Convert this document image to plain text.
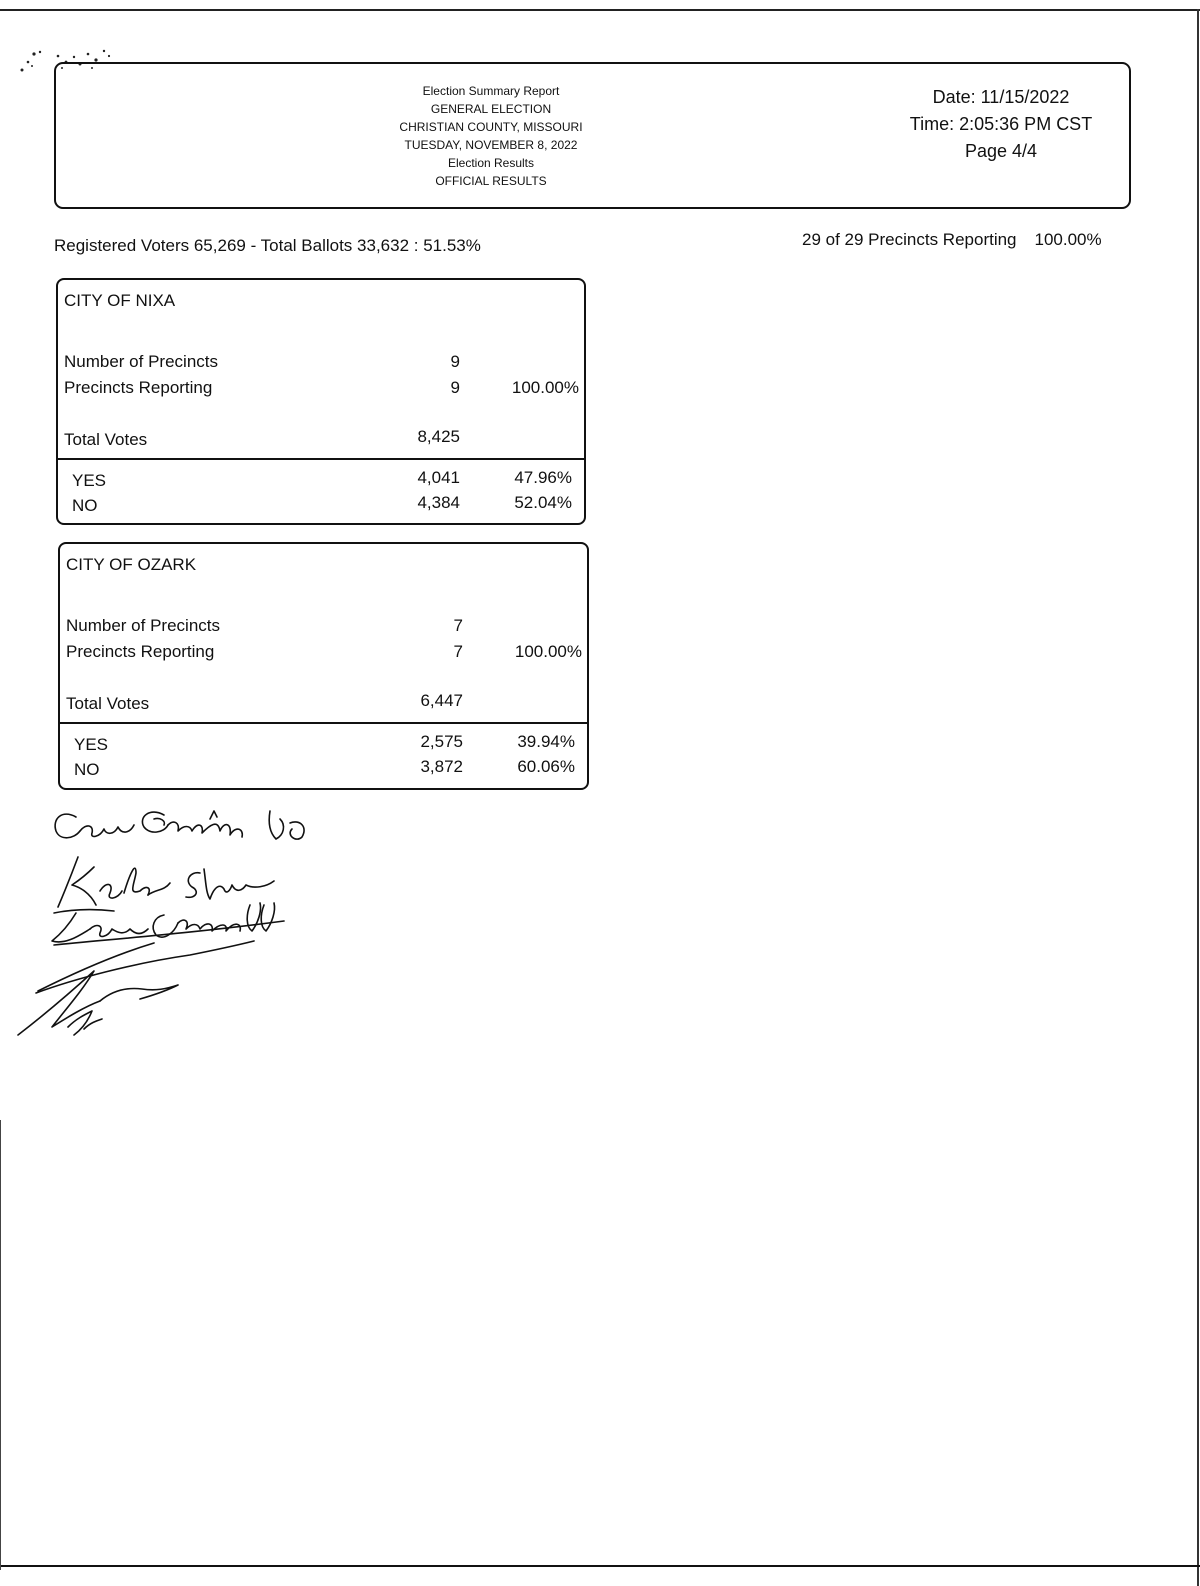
Election Summary Report
GENERAL ELECTION
CHRISTIAN COUNTY, MISSOURI
TUESDAY, NOVEMBER 8, 2022
Election Results
OFFICIAL RESULTS
Date: 11/15/2022
Time: 2:05:36 PM CST
Page 4/4
Registered Voters 65,269 - Total Ballots 33,632 : 51.53%	29 of 29 Precincts Reporting 100.00%
CITY OF NIXA
Number of Precincts	9
Precincts Reporting	9	100.00%
Total Votes	8,425
YES	4,041	47.96%
NO	4,384	52.04%
CITY OF OZARK
Number of Precincts	7
Precincts Reporting	7	100.00%
Total Votes	6,447
YES	2,575	39.94%
NO	3,872	60.06%
